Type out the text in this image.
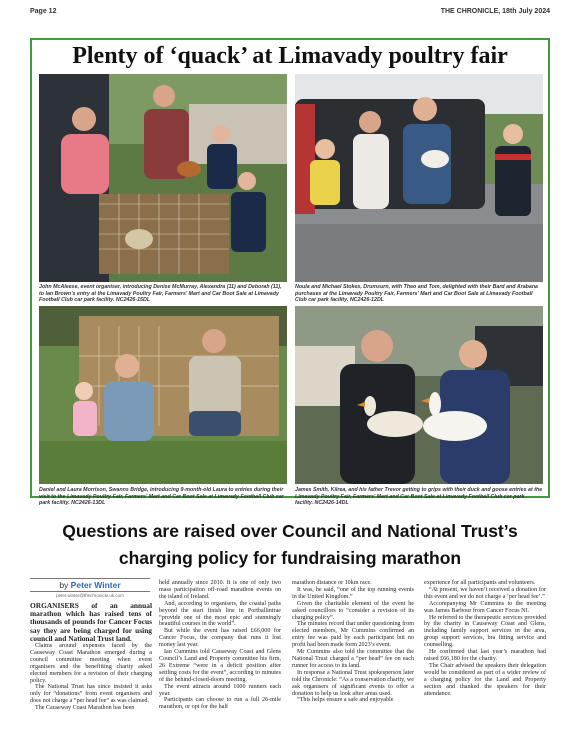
Page 12	THE CHRONICLE, 18th July 2024
Plenty of ‘quack’ at Limavady poultry fair
John McAleese, event organiser, introducing Denise McMurray, Alexandra (11) and Deborah (11), to Ian Brown’s entry at the Limavady Poultry Fair, Farmers’ Mart and Car Boot Sale at Limavady Football Club car park facility. NC2426-15DL
Noula and Michael Stokes, Drumsurn, with Theo and Tom, delighted with their Bard and Arabana purchases at the Limavady Poultry Fair, Farmers’ Mart and Car Boot Sale at Limavady Football Club car park facility. NC2426-12DL
Daniel and Laura Morrison, Swanns Bridge, introducing 9-month-old Laura to entries during their visit to the Limavady Poultry Fair, Farmers’ Mart and Car Boot Sale at Limavady Football Club car park facility. NC2426-13DL
James Smith, Kilrea, and his father Trevor getting to grips with their duck and goose entries at the Limavady Poultry Fair, Farmers’ Mart and Car Boot Sale at Limavady Football Club car park facility. NC2426-14DL
Questions are raised over Council and National Trust’s charging policy for fundraising marathon
by Peter Winter
peter.winter@thechronicle.uk.com

ORGANISERS of an annual marathon which has raised tens of thousands of pounds for Cancer Focus say they are being charged for using council and National Trust land.

Claims around expenses faced by the Causeway Coast Marathon emerged during a council committee meeting when event organisers and the benefitting charity asked elected members for a revision of their charging policy.

The National Trust has since insisted it asks only for “donations” from event organisers and does not charge a “per head fee” as was claimed.

The Causeway Coast Marathon has been

held annually since 2010. It is one of only two mass participation off-road marathon events on the island of Ireland.

And, according to organisers, the coastal paths beyond the start finish line in Portballintrae “provide one of the most epic and stunningly beautiful courses in the world”.

But while the event has raised £66,000 for Cancer Focus, the company that runs it lost money last year.

Ian Cummins told Causeway Coast and Glens Council’s Land and Property committee his firm, 26 Extreme “were in a deficit position after settling costs for the event”, according to minutes of the behind-closed-doors meeting.

The event attracts around 1000 runners each year.

Participants can choose to run a full 26-mile marathon, or opt for the half

marathon distance or 10km race.

It was, he said, “one of the top running events in the United Kingdom.”

Given the charitable element of the event he asked councillors to “consider a revision of its charging policy”.

The minutes record that under questioning from elected members, Mr Cummins confirmed an entry fee was paid by each participant but no profit had been made form 2023’s event.

Mr Cummins also told the committee that the National Trust charged a “per head” fee on each runner for access to its land.

In response a National Trust spokesperson later told the Chronicle: “As a conservation charity, we ask organisers of significant events to offer a donation to help us look after areas used.

“This helps ensure a safe and enjoyable

experience for all participants and volunteers.

“At present, we haven’t received a donation for this event and we do not charge a ‘per head fee’.”

Accompanying Mr Cummins to the meeting was James Barbour from Cancer Focus NI.

He referred to the therapeutic services provided by the charity in Causeway Coast and Glens, including family support services in the area, group support services, bra fitting service and counselling.

He confirmed that last year’s marathon had raised £66,180 for the charity.

The Chair advised the speakers their delegation would be considered as part of a wider review of a charging policy for the Land and Property section and thanked the speakers for their attendance.
